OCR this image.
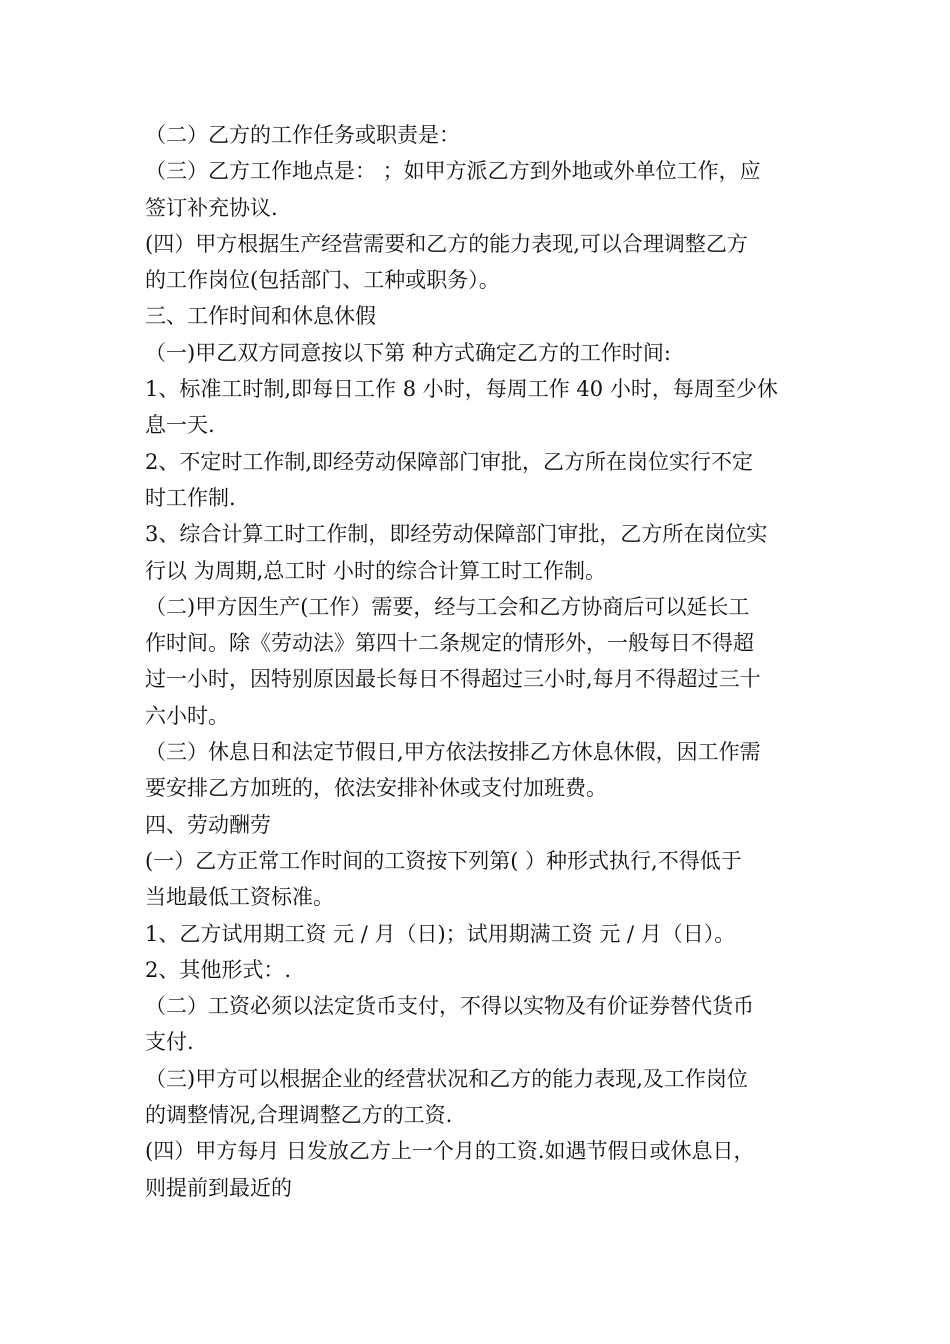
（二）乙方的工作任务或职责是：
（三）乙方工作地点是： ；如甲方派乙方到外地或外单位工作，应
签订补充协议.
(四）甲方根据生产经营需要和乙方的能力表现,可以合理调整乙方
的工作岗位(包括部门、工种或职务）。
三、工作时间和休息休假
（一)甲乙双方同意按以下第 种方式确定乙方的工作时间:
1、标准工时制,即每日工作 8 小时，每周工作 40 小时，每周至少休
息一天.
2、不定时工作制,即经劳动保障部门审批，乙方所在岗位实行不定
时工作制.
3、综合计算工时工作制，即经劳动保障部门审批，乙方所在岗位实
行以 为周期,总工时 小时的综合计算工时工作制。
（二)甲方因生产(工作）需要，经与工会和乙方协商后可以延长工
作时间。除《劳动法》第四十二条规定的情形外，一般每日不得超
过一小时，因特别原因最长每日不得超过三小时,每月不得超过三十
六小时。
（三）休息日和法定节假日,甲方依法按排乙方休息休假，因工作需
要安排乙方加班的，依法安排补休或支付加班费。
四、劳动酬劳
(一）乙方正常工作时间的工资按下列第( ）种形式执行,不得低于
当地最低工资标准。
1、乙方试用期工资 元 / 月（日)；试用期满工资 元 / 月（日）。
2、其他形式：.
（二）工资必须以法定货币支付，不得以实物及有价证券替代货币
支付.
（三)甲方可以根据企业的经营状况和乙方的能力表现,及工作岗位
的调整情况,合理调整乙方的工资.
(四）甲方每月 日发放乙方上一个月的工资.如遇节假日或休息日，
则提前到最近的
